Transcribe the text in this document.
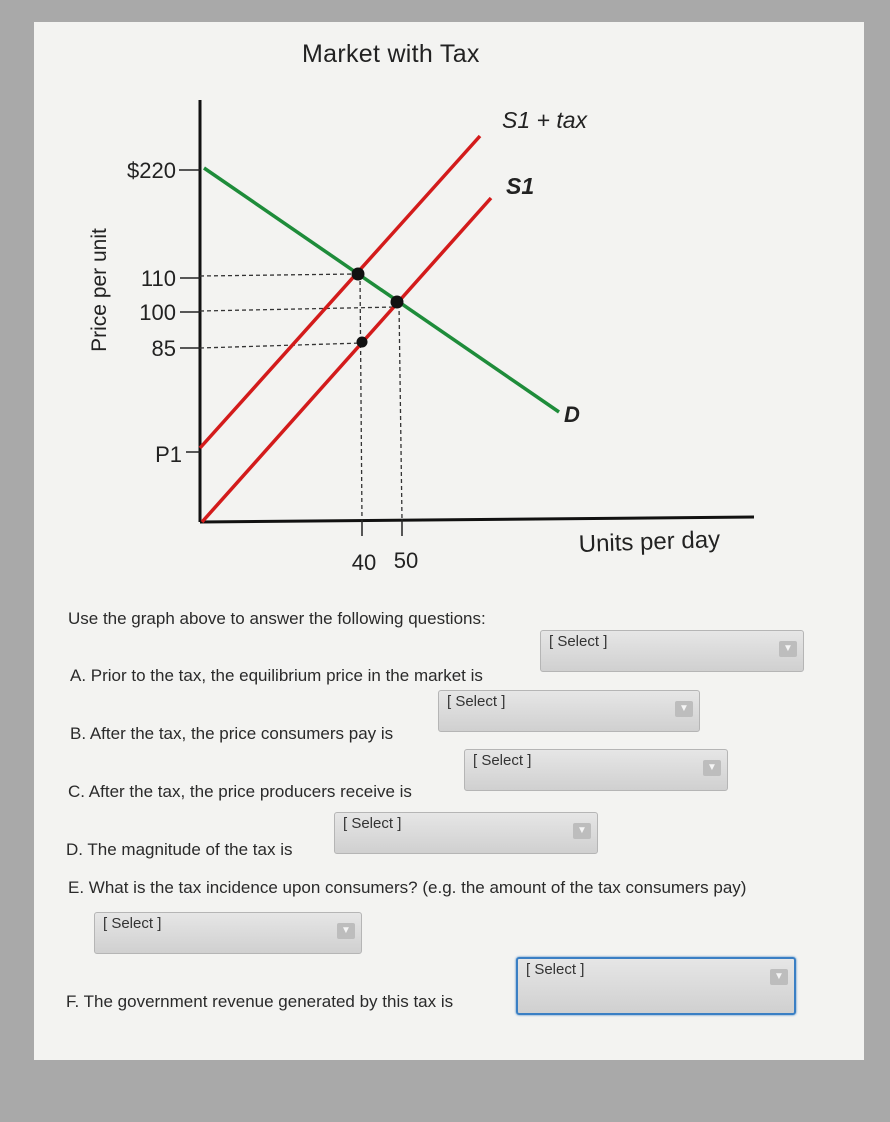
Market with Tax
Price per unit
$220
110
100
85
P1
40 50
Units per day
S1 + tax
S1
D
Use the graph above to answer the following questions:
A. Prior to the tax, the equilibrium price in the market is
[ Select ]	▼
B. After the tax, the price consumers pay is
[ Select ]	▼
C. After the tax, the price producers receive is
[ Select ]	▼
D. The magnitude of the tax is
[ Select ]	▼
E. What is the tax incidence upon consumers? (e.g. the amount of the tax consumers pay)
[ Select ]	▼
F. The government revenue generated by this tax is
[ Select ]	▼
